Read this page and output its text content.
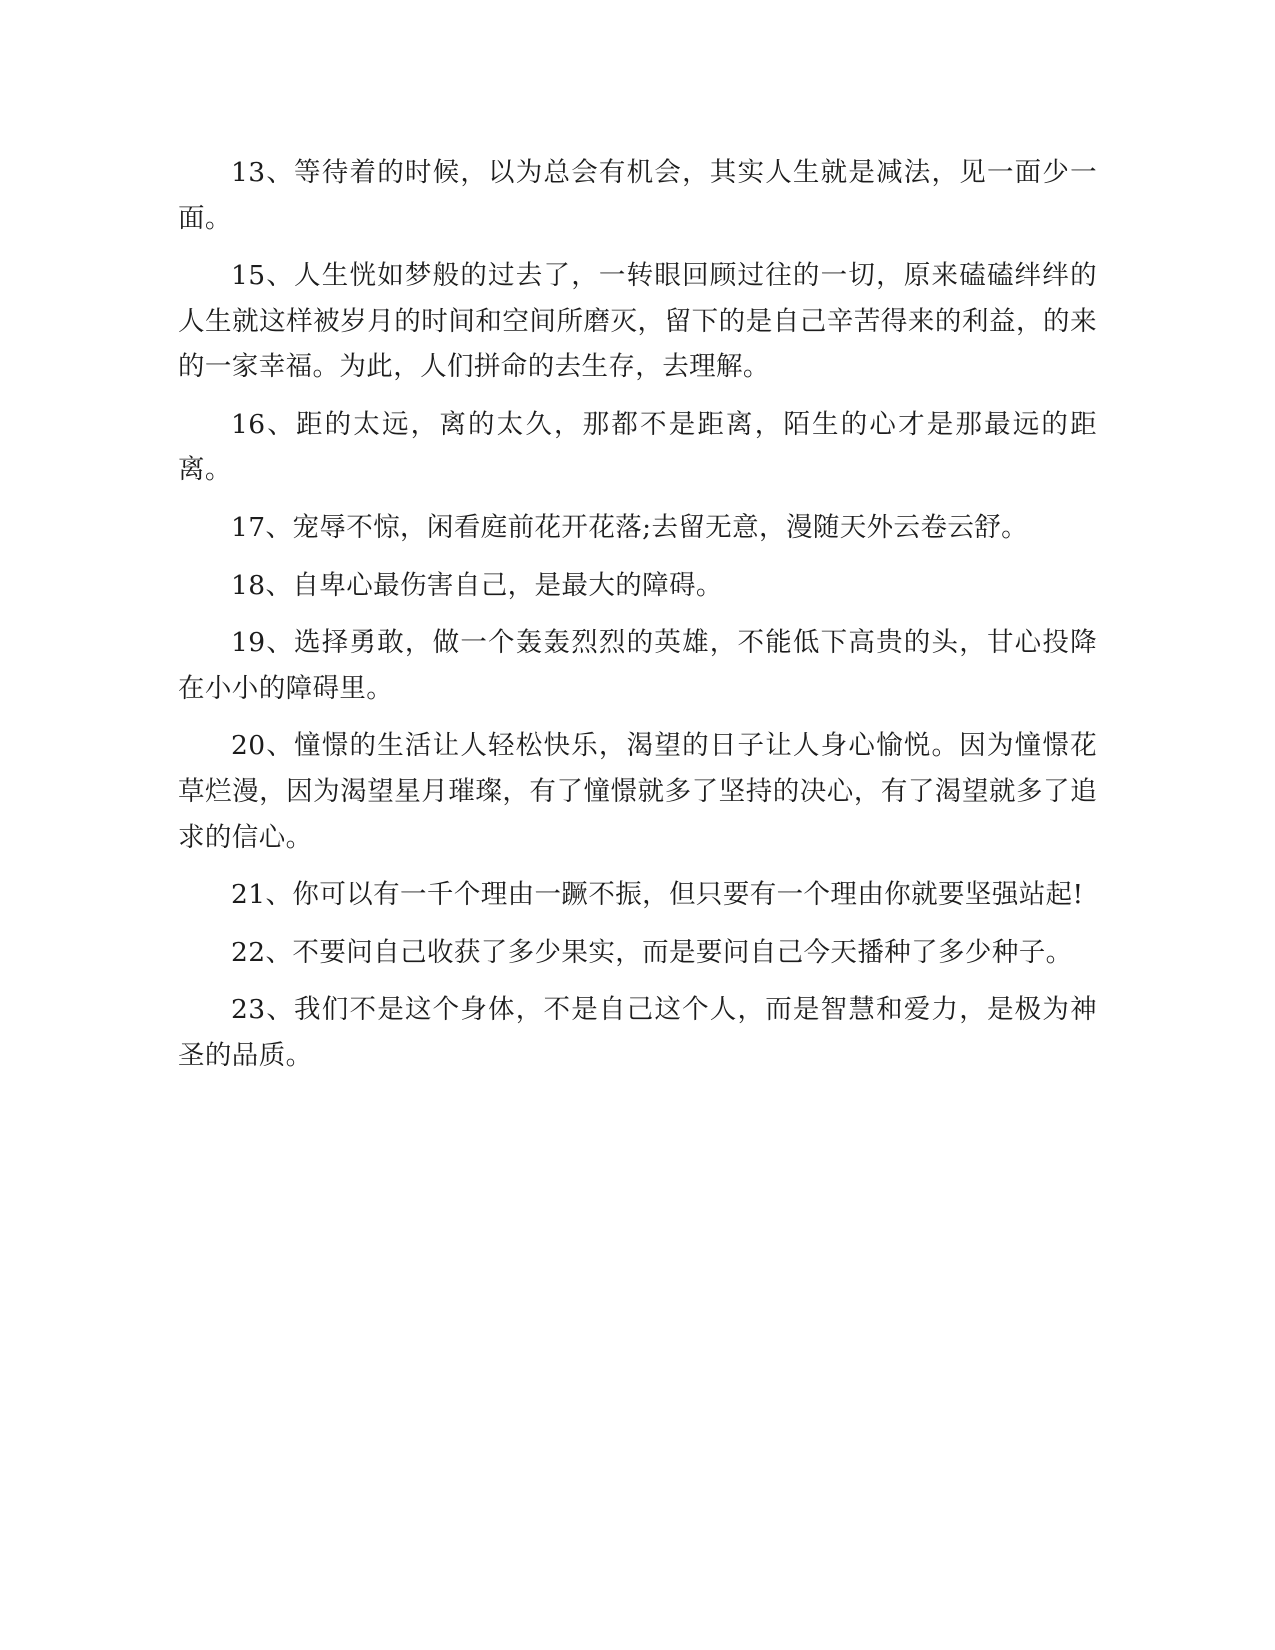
13、等待着的时候，以为总会有机会，其实人生就是减法，见一面少一面。

15、人生恍如梦般的过去了，一转眼回顾过往的一切，原来磕磕绊绊的人生就这样被岁月的时间和空间所磨灭，留下的是自己辛苦得来的利益，的来的一家幸福。为此，人们拼命的去生存，去理解。

16、距的太远，离的太久，那都不是距离，陌生的心才是那最远的距离。

17、宠辱不惊，闲看庭前花开花落;去留无意，漫随天外云卷云舒。

18、自卑心最伤害自己，是最大的障碍。

19、选择勇敢，做一个轰轰烈烈的英雄，不能低下高贵的头，甘心投降在小小的障碍里。

20、憧憬的生活让人轻松快乐，渴望的日子让人身心愉悦。因为憧憬花草烂漫，因为渴望星月璀璨，有了憧憬就多了坚持的决心，有了渴望就多了追求的信心。

21、你可以有一千个理由一蹶不振，但只要有一个理由你就要坚强站起!

22、不要问自己收获了多少果实，而是要问自己今天播种了多少种子。

23、我们不是这个身体，不是自己这个人，而是智慧和爱力，是极为神圣的品质。
